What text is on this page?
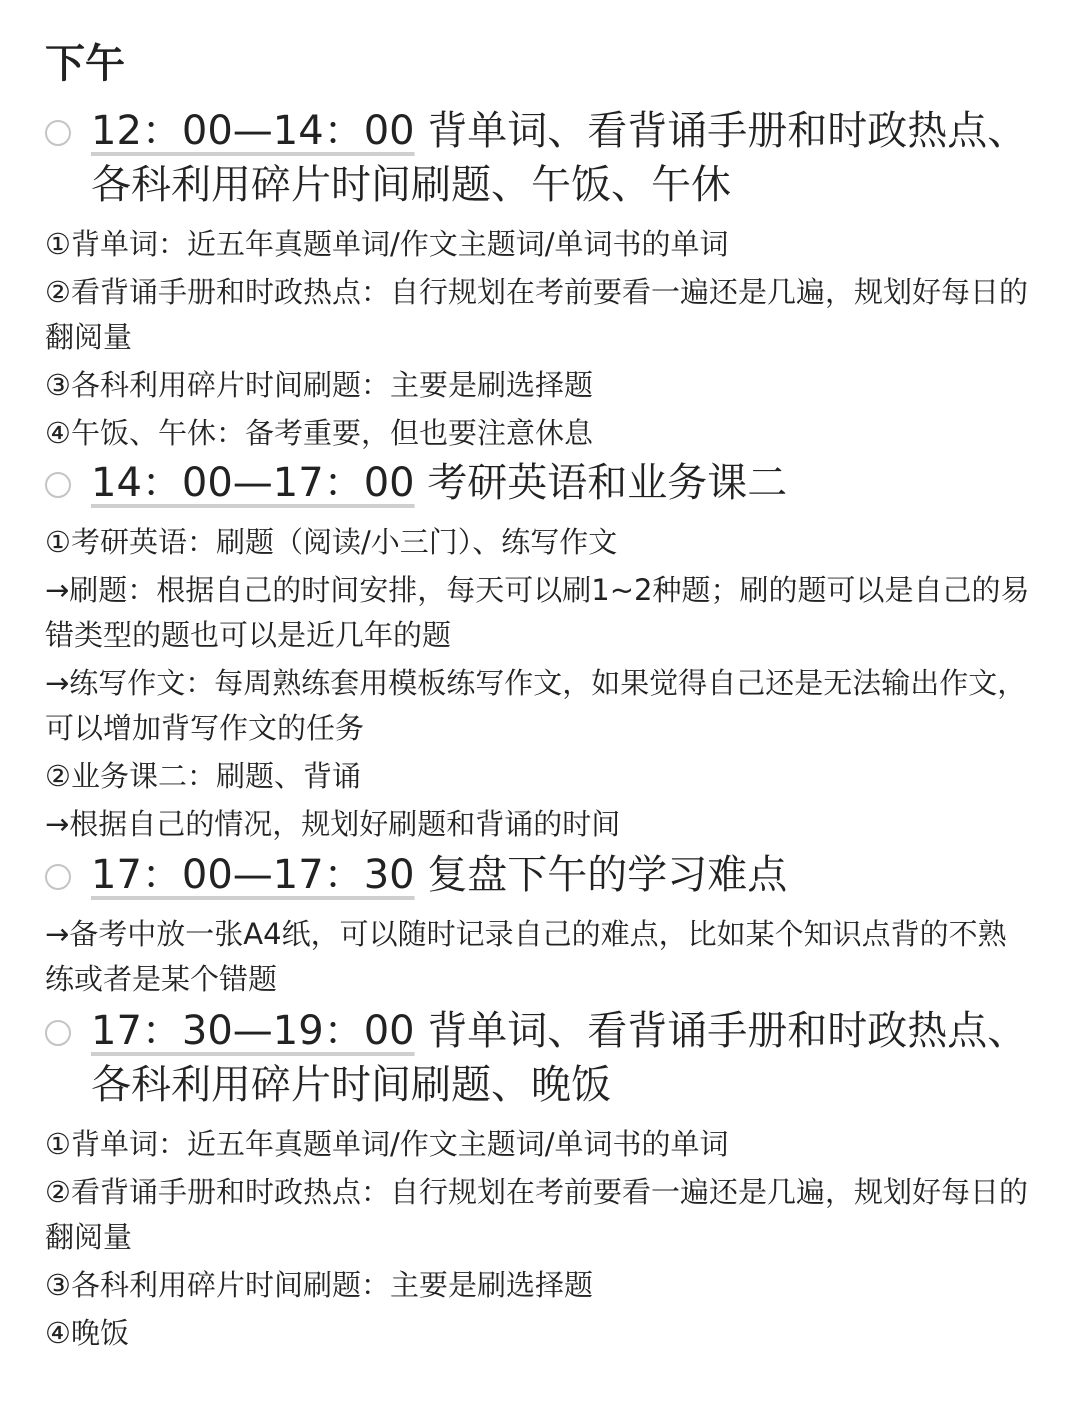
下午
12：00—14：00 背单词、看背诵手册和时政热点、各科利用碎片时间刷题、午饭、午休
①背单词：近五年真题单词/作文主题词/单词书的单词
②看背诵手册和时政热点：自行规划在考前要看一遍还是几遍，规划好每日的翻阅量
③各科利用碎片时间刷题：主要是刷选择题
④午饭、午休：备考重要，但也要注意休息
14：00—17：00 考研英语和业务课二
①考研英语：刷题（阅读/小三门）、练写作文
→刷题：根据自己的时间安排，每天可以刷1~2种题；刷的题可以是自己的易错类型的题也可以是近几年的题
→练写作文：每周熟练套用模板练写作文，如果觉得自己还是无法输出作文，可以增加背写作文的任务
②业务课二：刷题、背诵
→根据自己的情况，规划好刷题和背诵的时间
17：00—17：30 复盘下午的学习难点
→备考中放一张A4纸，可以随时记录自己的难点，比如某个知识点背的不熟练或者是某个错题
17：30—19：00 背单词、看背诵手册和时政热点、各科利用碎片时间刷题、晚饭
①背单词：近五年真题单词/作文主题词/单词书的单词
②看背诵手册和时政热点：自行规划在考前要看一遍还是几遍，规划好每日的翻阅量
③各科利用碎片时间刷题：主要是刷选择题
④晚饭
